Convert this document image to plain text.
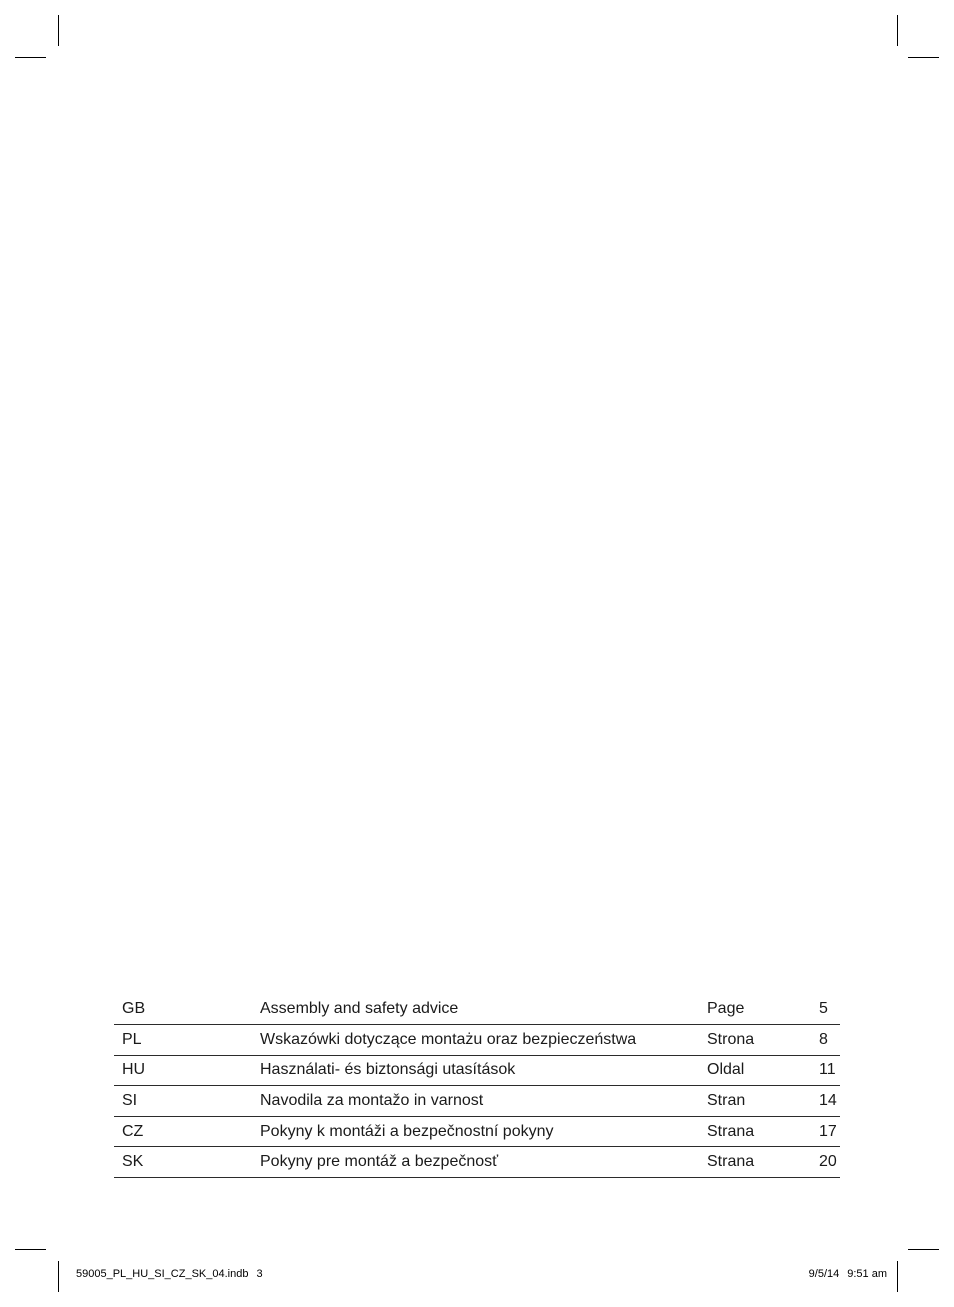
GB	Assembly and safety advice	Page	5
PL	Wskazówki dotyczące montażu oraz bezpieczeństwa	Strona	8
HU	Használati- és biztonsági utasítások	Oldal	11
SI	Navodila za montažo in varnost	Stran	14
CZ	Pokyny k montáži a bezpečnostní pokyny	Strana	17
SK	Pokyny pre montáž a bezpečnosť	Strana	20
59005_PL_HU_SI_CZ_SK_04.indb 3	9/5/14 9:51 am
